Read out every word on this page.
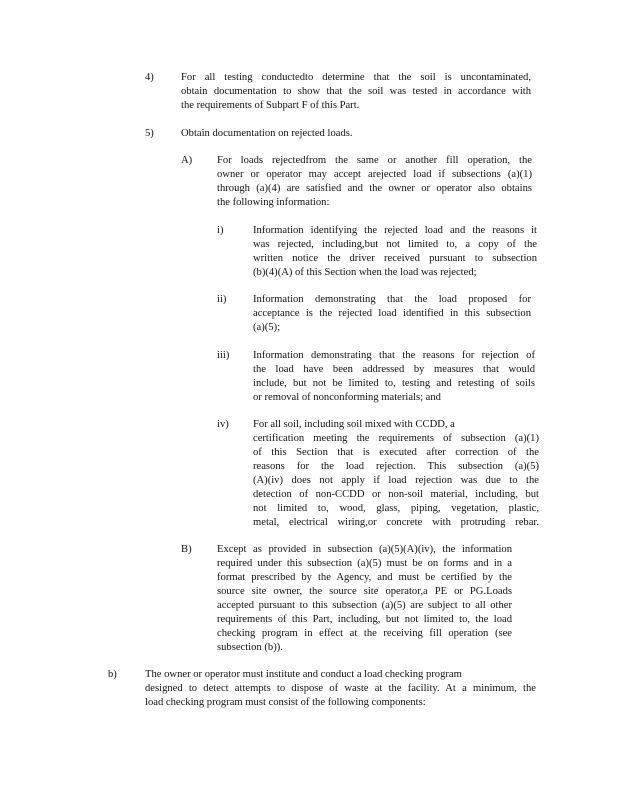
4)	For all testing conductedto determine that the soil is uncontaminated,
obtain documentation to show that the soil was tested in accordance with
the requirements of Subpart F of this Part.
5)	Obtain documentation on rejected loads.
A) For loads rejectedfrom the same or another fill operation, the
owner or operator may accept arejected load if subsections (a)(1)
through (a)(4) are satisfied and the owner or operator also obtains
the following information:
i)	Information identifying the rejected load and the reasons it
was rejected, including,but not limited to, a copy of the
written notice the driver received pursuant to subsection
(b)(4)(A) of this Section when the load was rejected;
ii)	Information demonstrating that the load proposed for
acceptance is the rejected load identified in this subsection
(a)(5);
iii) Information demonstrating that the reasons for rejection of
the load have been addressed by measures that would
include, but not be limited to, testing and retesting of soils
or removal of nonconforming materials; and
iv) For all soil, including soil mixed with CCDD, a
certification meeting the requirements of subsection (a)(1)
of this Section that is executed after correction of the
reasons for the load rejection. This subsection (a)(5)
(A)(iv) does not apply if load rejection was due to the
detection of non-CCDD or non-soil material, including, but
not limited to, wood, glass, piping, vegetation, plastic,
metal, electrical wiring,or concrete with protruding rebar.
B) Except as provided in subsection (a)(5)(A)(iv), the information
required under this subsection (a)(5) must be on forms and in a
format prescribed by the Agency, and must be certified by the
source site owner, the source site operator,a PE or PG.Loads
accepted pursuant to this subsection (a)(5) are subject to all other
requirements of this Part, including, but not limited to, the load
checking program in effect at the receiving fill operation (see
subsection (b)).
b)	The owner or operator must institute and conduct a load checking program
designed to detect attempts to dispose of waste at the facility. At a minimum, the
load checking program must consist of the following components:
